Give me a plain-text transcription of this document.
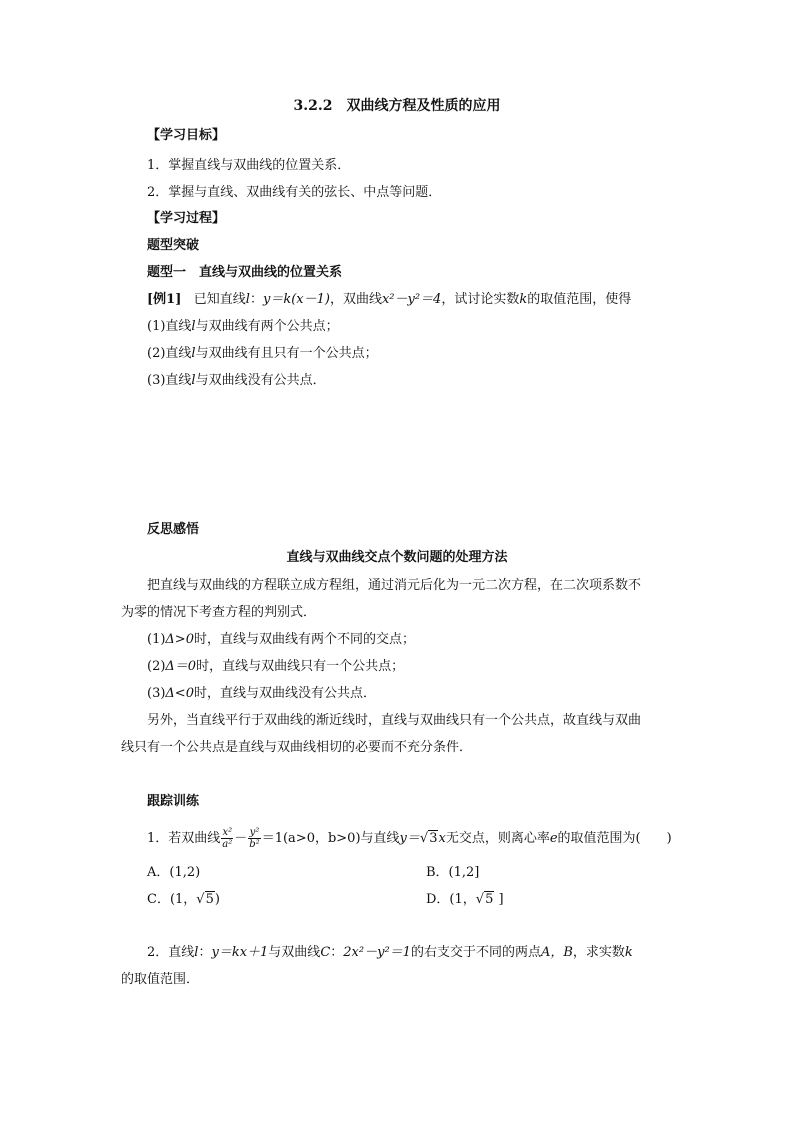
3.2.2　双曲线方程及性质的应用
【学习目标】
1．掌握直线与双曲线的位置关系．
2．掌握与直线、双曲线有关的弦长、中点等问题．
【学习过程】
题型突破
题型一　直线与双曲线的位置关系
[例1] 已知直线l：y＝k(x－1)，双曲线x²－y²＝4，试讨论实数k的取值范围，使得
(1)直线l与双曲线有两个公共点；
(2)直线l与双曲线有且只有一个公共点；
(3)直线l与双曲线没有公共点．
反思感悟
直线与双曲线交点个数问题的处理方法
把直线与双曲线的方程联立成方程组，通过消元后化为一元二次方程，在二次项系数不
为零的情况下考查方程的判别式．
(1)Δ>0时，直线与双曲线有两个不同的交点；
(2)Δ＝0时，直线与双曲线只有一个公共点；
(3)Δ<0时，直线与双曲线没有公共点．
另外，当直线平行于双曲线的渐近线时，直线与双曲线只有一个公共点，故直线与双曲
线只有一个公共点是直线与双曲线相切的必要而不充分条件．
跟踪训练
1．若双曲线 $\frac{\text{x²}}{\text{a²}} - \frac{\text{y²}}{\text{b²}} =1(a>0$，b>0)与直线y＝√3x无交点，则离心率e的取值范围为(　　)
A．(1,2)	B．(1,2]
C．(1，√5)	D．(1，√5 ]
2．直线l：y＝kx＋1与双曲线C：2x²－y²＝1的右支交于不同的两点A，B，求实数k
的取值范围．
